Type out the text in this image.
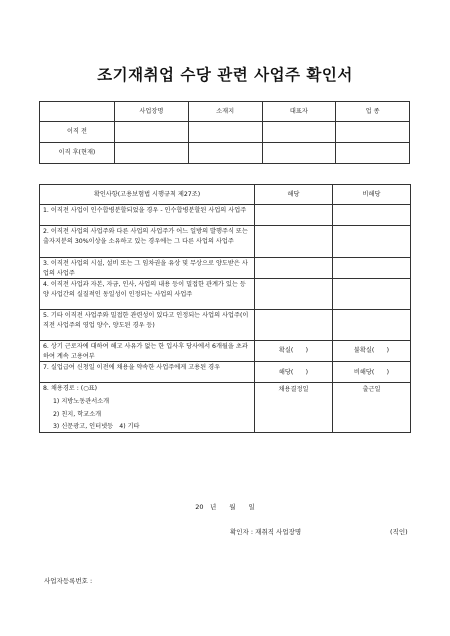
조기재취업 수당 관련 사업주 확인서
	사업장명	소재지	대표자	업 종
이직 전				
이직 후(현재)				
확인사항(고용보험법 시행규칙 제27조)	해당	비해당
1. 이직전 사업이 인수합병분할되었을 경우 - 인수합병분할된 사업의 사업주		
2. 이직전 사업의 사업주와 다른 사업의 사업주가 어느 일방의 발행주식 또는 출자지분의 30%이상을 소유하고 있는 경우에는 그 다른 사업의 사업주		
3. 이직전 사업의 시설, 설비 또는 그 임차권을 유상 및 무상으로 양도받은 사업의 사업주		
4. 이직전 사업과 자본, 자금, 인사, 사업의 내용 등이 밀접한 관계가 있는 등 양 사업간의 실질적인 동일성이 인정되는 사업의 사업주		
5. 기타 이직전 사업주와 밀접한 관련성이 있다고 인정되는 사업의 사업주(이직전 사업주의 영업 양수, 양도된 경우 등)		
6. 상기 근로자에 대하여 해고 사유가 없는 한 입사후 당사에서 6개월을 초과하여 계속 고용여부	확실(　　)	불확실(　　)
7. 실업급여 신청일 이전에 채용을 약속한 사업주에게 고용된 경우	해당(　　)	비해당(　　)
8. 채용경로 : (○표)
1) 지방노동관서소개
2) 친지, 학교소개
3) 신문광고, 인터넷등　4) 기타	채용결정일	출근일
20　년　　월　　일
확인자 : 재취직 사업장명	(직인)
사업자등록번호 :
